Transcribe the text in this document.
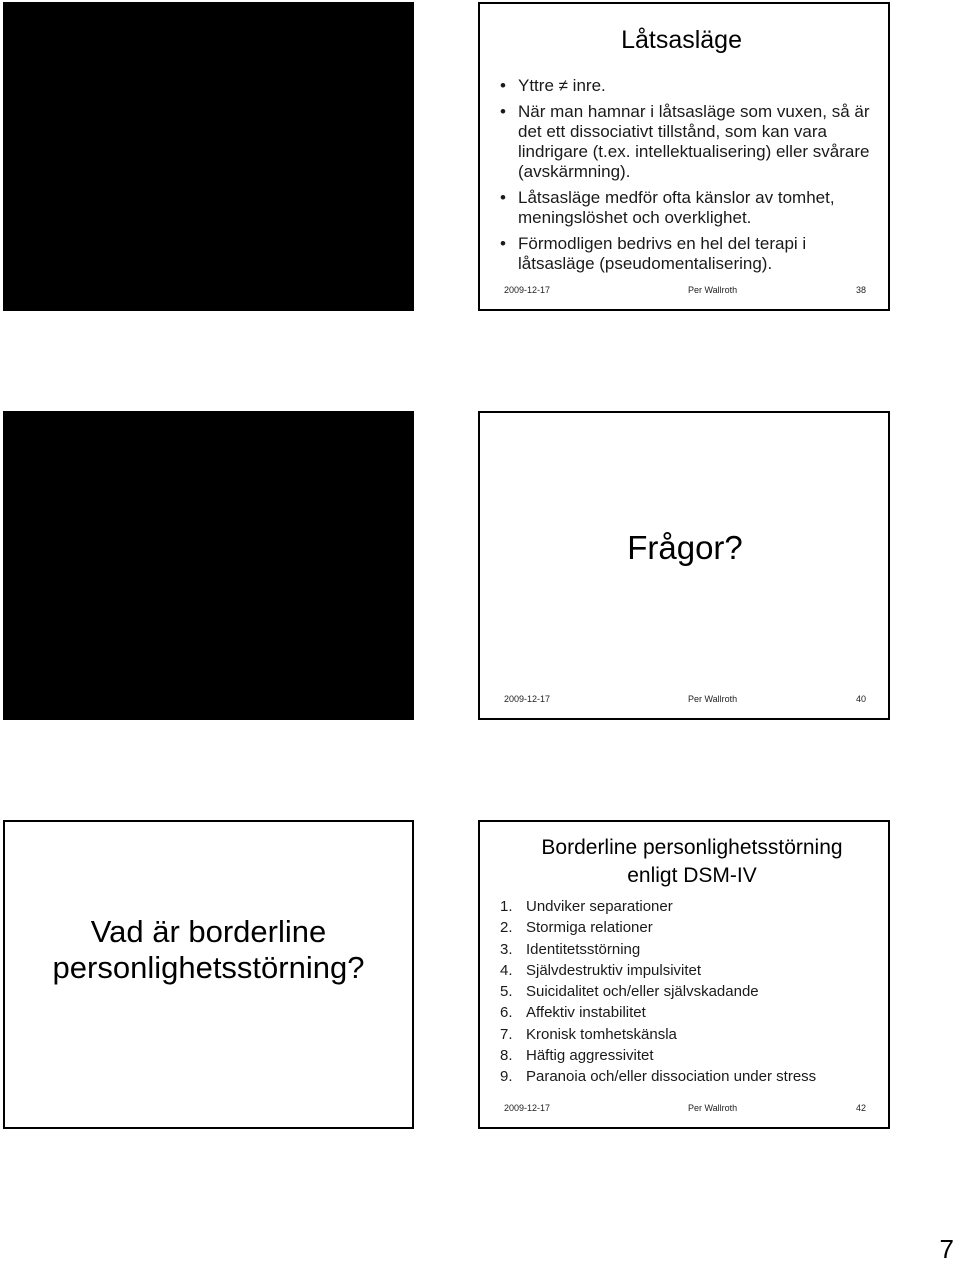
Låtsasläge
• Yttre ≠ inre.
• När man hamnar i låtsasläge som vuxen, så är det ett dissociativt tillstånd, som kan vara lindrigare (t.ex. intellektualisering) eller svårare (avskärmning).
• Låtsasläge medför ofta känslor av tomhet, meningslöshet och overklighet.
• Förmodligen bedrivs en hel del terapi i låtsasläge (pseudomentalisering).
2009-12-17	Per Wallroth	38
Frågor?
2009-12-17	Per Wallroth	40
Vad är borderline
personlighetsstörning?
Borderline personlighetsstörning
enligt DSM-IV
1. Undviker separationer
2. Stormiga relationer
3. Identitetsstörning
4. Självdestruktiv impulsivitet
5. Suicidalitet och/eller självskadande
6. Affektiv instabilitet
7. Kronisk tomhetskänsla
8. Häftig aggressivitet
9. Paranoia och/eller dissociation under stress
2009-12-17	Per Wallroth	42
7
